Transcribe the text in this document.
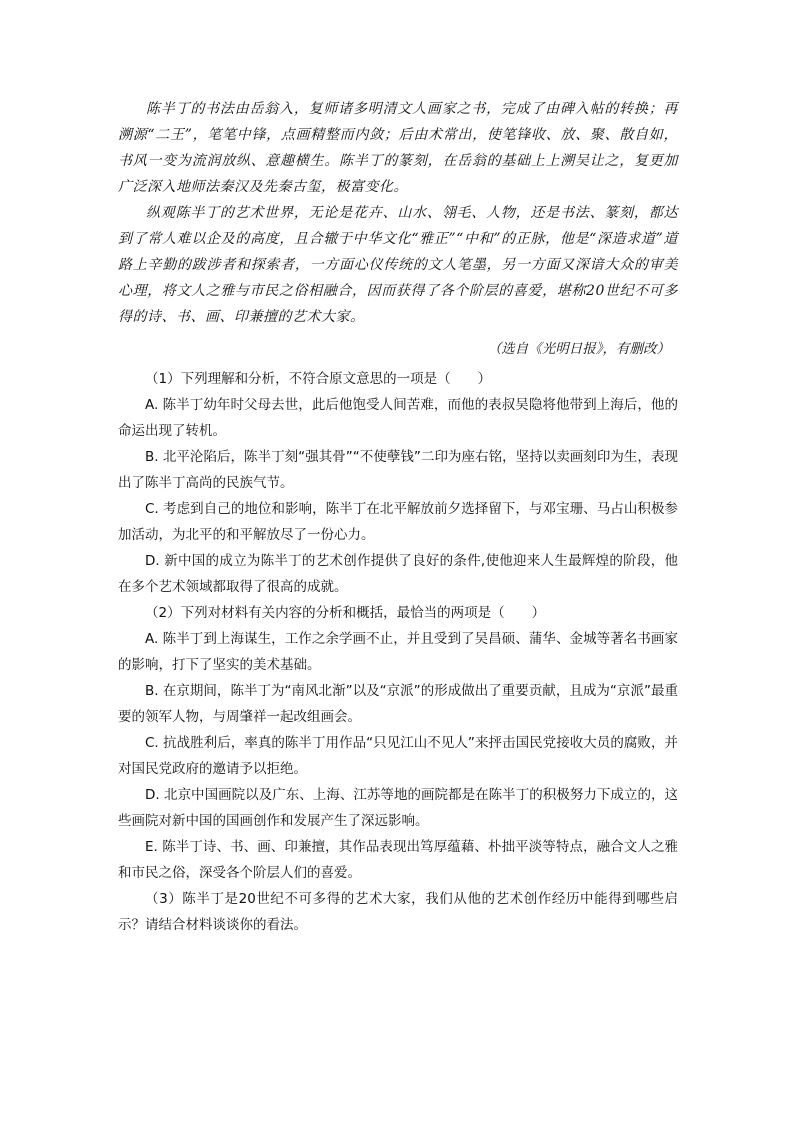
陈半丁的书法由岳翁入，复师诸多明清文人画家之书，完成了由碑入帖的转换；再溯源“二王”，笔笔中锋，点画精整而内敛；后由术常出，使笔锋收、放、聚、散自如，书风一变为流润放纵、意趣横生。陈半丁的篆刻，在岳翁的基础上上溯吴让之，复更加广泛深入地师法秦汉及先秦古玺，极富变化。

纵观陈半丁的艺术世界，无论是花卉、山水、翎毛、人物，还是书法、篆刻，都达到了常人难以企及的高度，且合辙于中华文化“雅正”“中和”的正脉，他是“深造求道”道路上辛勤的跋涉者和探索者，一方面心仪传统的文人笔墨，另一方面又深谙大众的审美心理，将文人之雅与市民之俗相融合，因而获得了各个阶层的喜爱，堪称20世纪不可多得的诗、书、画、印兼擅的艺术大家。

（选自《光明日报》，有删改）

（1）下列理解和分析，不符合原文意思的一项是（　　）

A. 陈半丁幼年时父母去世，此后他饱受人间苦难，而他的表叔吴隐将他带到上海后，他的命运出现了转机。

B. 北平沦陷后，陈半丁刻“强其骨”“不使孽钱”二印为座右铭，坚持以卖画刻印为生，表现出了陈半丁高尚的民族气节。

C. 考虑到自己的地位和影响，陈半丁在北平解放前夕选择留下，与邓宝珊、马占山积极参加活动，为北平的和平解放尽了一份心力。

D. 新中国的成立为陈半丁的艺术创作提供了良好的条件,使他迎来人生最辉煌的阶段，他在多个艺术领域都取得了很高的成就。

（2）下列对材料有关内容的分析和概括，最恰当的两项是（　　）

A. 陈半丁到上海谋生，工作之余学画不止，并且受到了吴昌硕、蒲华、金城等著名书画家的影响，打下了坚实的美术基础。

B. 在京期间，陈半丁为“南风北渐”以及“京派”的形成做出了重要贡献，且成为“京派”最重要的领军人物，与周肇祥一起改组画会。

C. 抗战胜利后，率真的陈半丁用作品“只见江山不见人”来抨击国民党接收大员的腐败，并对国民党政府的邀请予以拒绝。

D. 北京中国画院以及广东、上海、江苏等地的画院都是在陈半丁的积极努力下成立的，这些画院对新中国的国画创作和发展产生了深远影响。

E. 陈半丁诗、书、画、印兼擅，其作品表现出笃厚蕴藉、朴拙平淡等特点，融合文人之雅和市民之俗，深受各个阶层人们的喜爱。

（3）陈半丁是20世纪不可多得的艺术大家，我们从他的艺术创作经历中能得到哪些启示？请结合材料谈谈你的看法。
